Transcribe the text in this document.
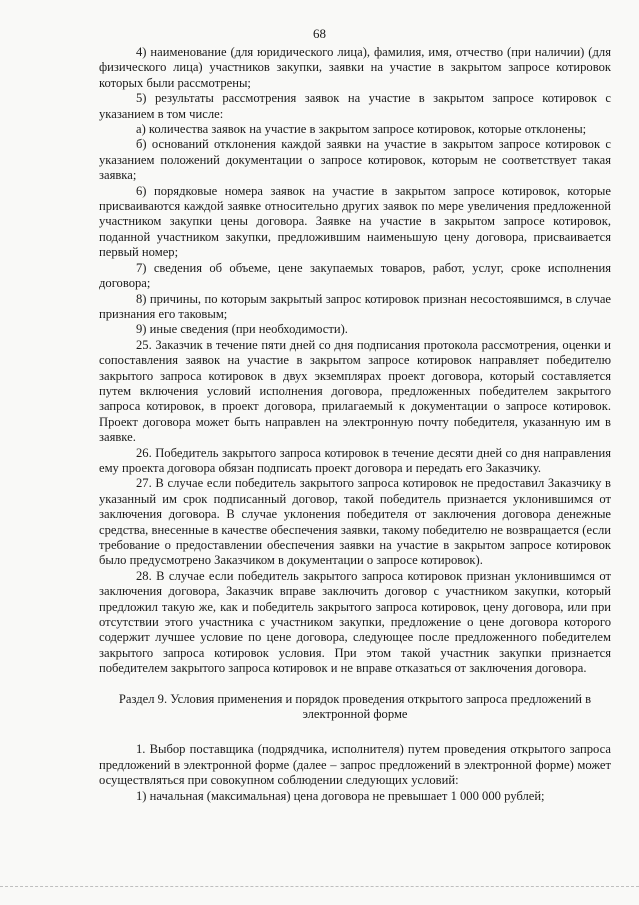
68

4) наименование (для юридического лица), фамилия, имя, отчество (при наличии) (для физического лица) участников закупки, заявки на участие в закрытом запросе котировок которых были рассмотрены;

5) результаты рассмотрения заявок на участие в закрытом запросе котировок с указанием в том числе:

а) количества заявок на участие в закрытом запросе котировок, которые отклонены;

б) оснований отклонения каждой заявки на участие в закрытом запросе котировок с указанием положений документации о запросе котировок, которым не соответствует такая заявка;

6) порядковые номера заявок на участие в закрытом запросе котировок, которые присваиваются каждой заявке относительно других заявок по мере увеличения предложенной участником закупки цены договора. Заявке на участие в закрытом запросе котировок, поданной участником закупки, предложившим наименьшую цену договора, присваивается первый номер;

7) сведения об объеме, цене закупаемых товаров, работ, услуг, сроке исполнения договора;

8) причины, по которым закрытый запрос котировок признан несостоявшимся, в случае признания его таковым;

9) иные сведения (при необходимости).

25. Заказчик в течение пяти дней со дня подписания протокола рассмотрения, оценки и сопоставления заявок на участие в закрытом запросе котировок направляет победителю закрытого запроса котировок в двух экземплярах проект договора, который составляется путем включения условий исполнения договора, предложенных победителем закрытого запроса котировок, в проект договора, прилагаемый к документации о запросе котировок. Проект договора может быть направлен на электронную почту победителя, указанную им в заявке.

26. Победитель закрытого запроса котировок в течение десяти дней со дня направления ему проекта договора обязан подписать проект договора и передать его Заказчику.

27. В случае если победитель закрытого запроса котировок не предоставил Заказчику в указанный им срок подписанный договор, такой победитель признается уклонившимся от заключения договора. В случае уклонения победителя от заключения договора денежные средства, внесенные в качестве обеспечения заявки, такому победителю не возвращается (если требование о предоставлении обеспечения заявки на участие в закрытом запросе котировок было предусмотрено Заказчиком в документации о запросе котировок).

28. В случае если победитель закрытого запроса котировок признан уклонившимся от заключения договора, Заказчик вправе заключить договор с участником закупки, который предложил такую же, как и победитель закрытого запроса котировок, цену договора, или при отсутствии этого участника с участником закупки, предложение о цене договора которого содержит лучшее условие по цене договора, следующее после предложенного победителем закрытого запроса котировок условия. При этом такой участник закупки признается победителем закрытого запроса котировок и не вправе отказаться от заключения договора.

Раздел 9. Условия применения и порядок проведения открытого запроса предложений в электронной форме

1. Выбор поставщика (подрядчика, исполнителя) путем проведения открытого запроса предложений в электронной форме (далее – запрос предложений в электронной форме) может осуществляться при совокупном соблюдении следующих условий:

1) начальная (максимальная) цена договора не превышает 1 000 000 рублей;
